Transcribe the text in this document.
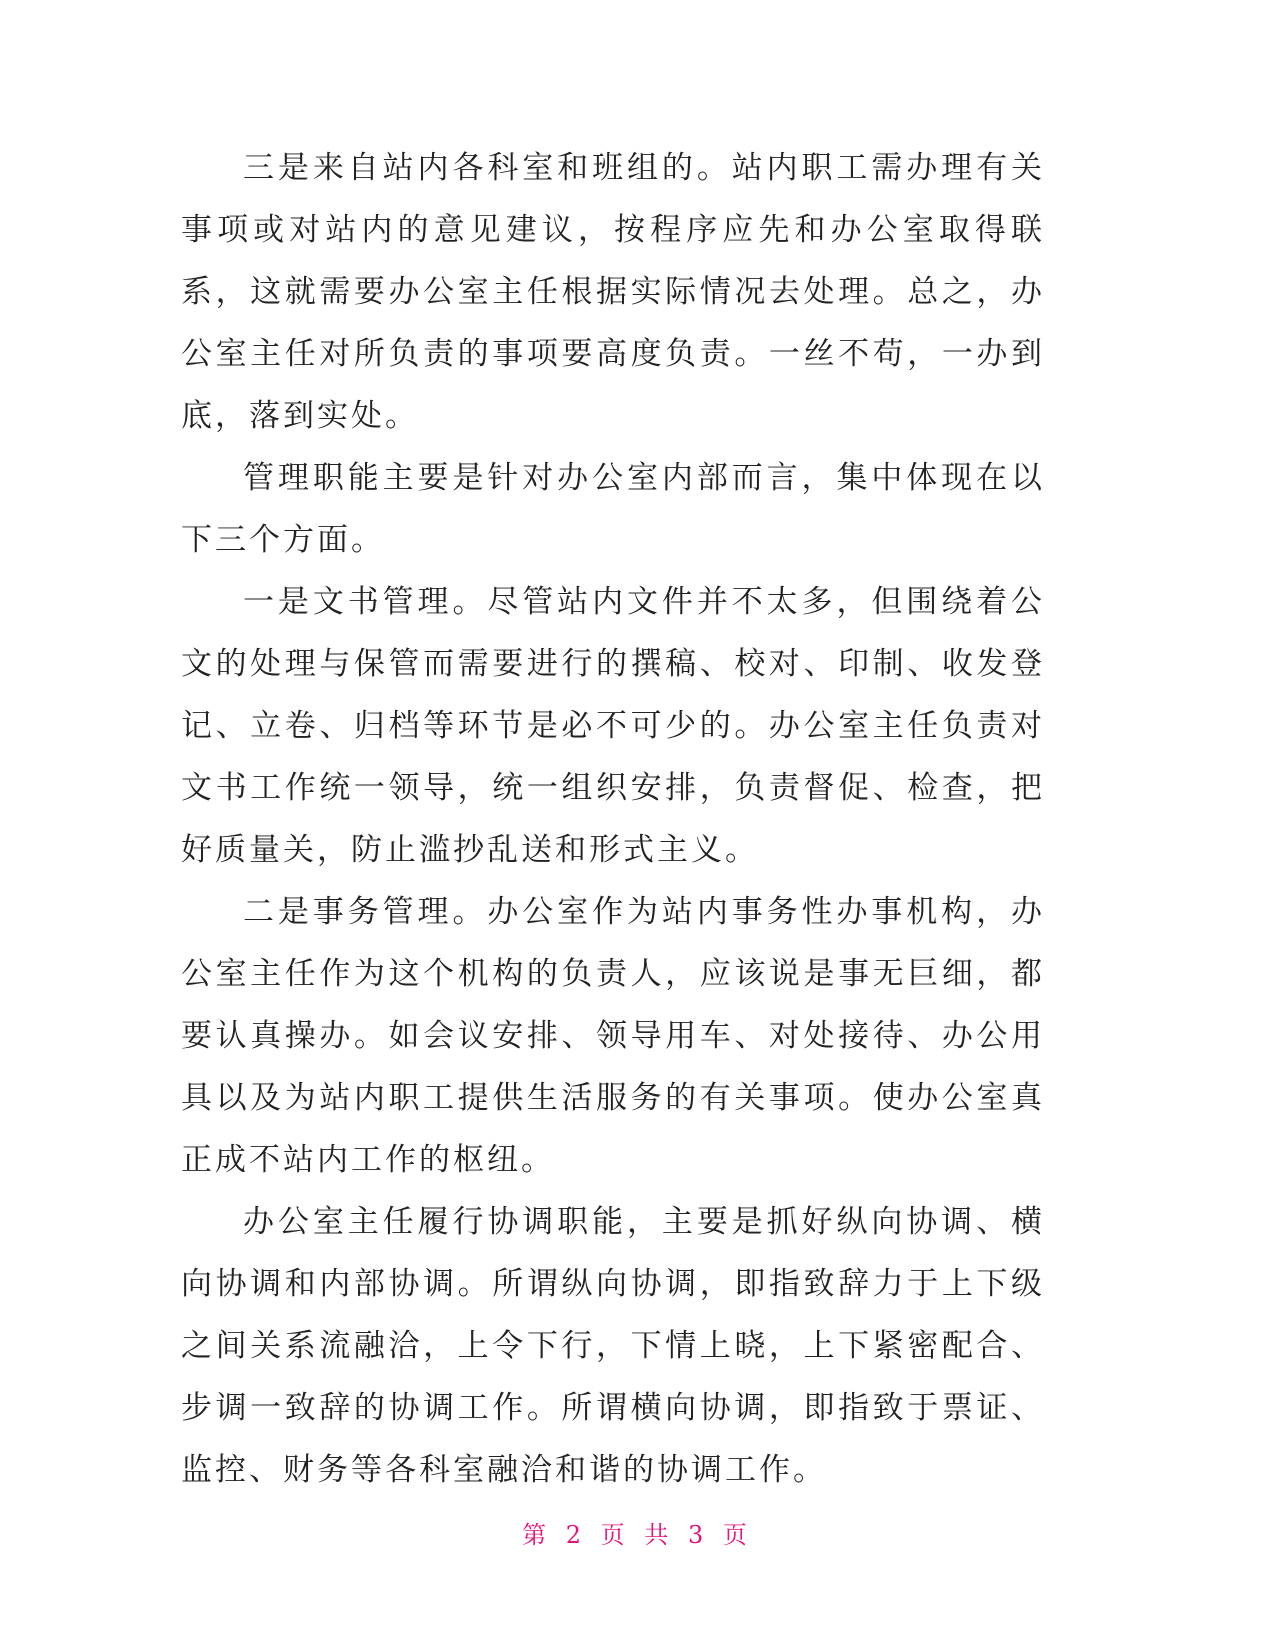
三是来自站内各科室和班组的。站内职工需办理有关事项或对站内的意见建议，按程序应先和办公室取得联系，这就需要办公室主任根据实际情况去处理。总之，办公室主任对所负责的事项要高度负责。一丝不苟，一办到底，落到实处。

管理职能主要是针对办公室内部而言，集中体现在以下三个方面。

一是文书管理。尽管站内文件并不太多，但围绕着公文的处理与保管而需要进行的撰稿、校对、印制、收发登记、立卷、归档等环节是必不可少的。办公室主任负责对文书工作统一领导，统一组织安排，负责督促、检查，把好质量关，防止滥抄乱送和形式主义。

二是事务管理。办公室作为站内事务性办事机构，办公室主任作为这个机构的负责人，应该说是事无巨细，都要认真操办。如会议安排、领导用车、对处接待、办公用具以及为站内职工提供生活服务的有关事项。使办公室真正成不站内工作的枢纽。

办公室主任履行协调职能，主要是抓好纵向协调、横向协调和内部协调。所谓纵向协调，即指致辞力于上下级之间关系流融洽，上令下行，下情上晓，上下紧密配合、步调一致辞的协调工作。所谓横向协调，即指致于票证、监控、财务等各科室融洽和谐的协调工作。

第 2 页 共 3 页
